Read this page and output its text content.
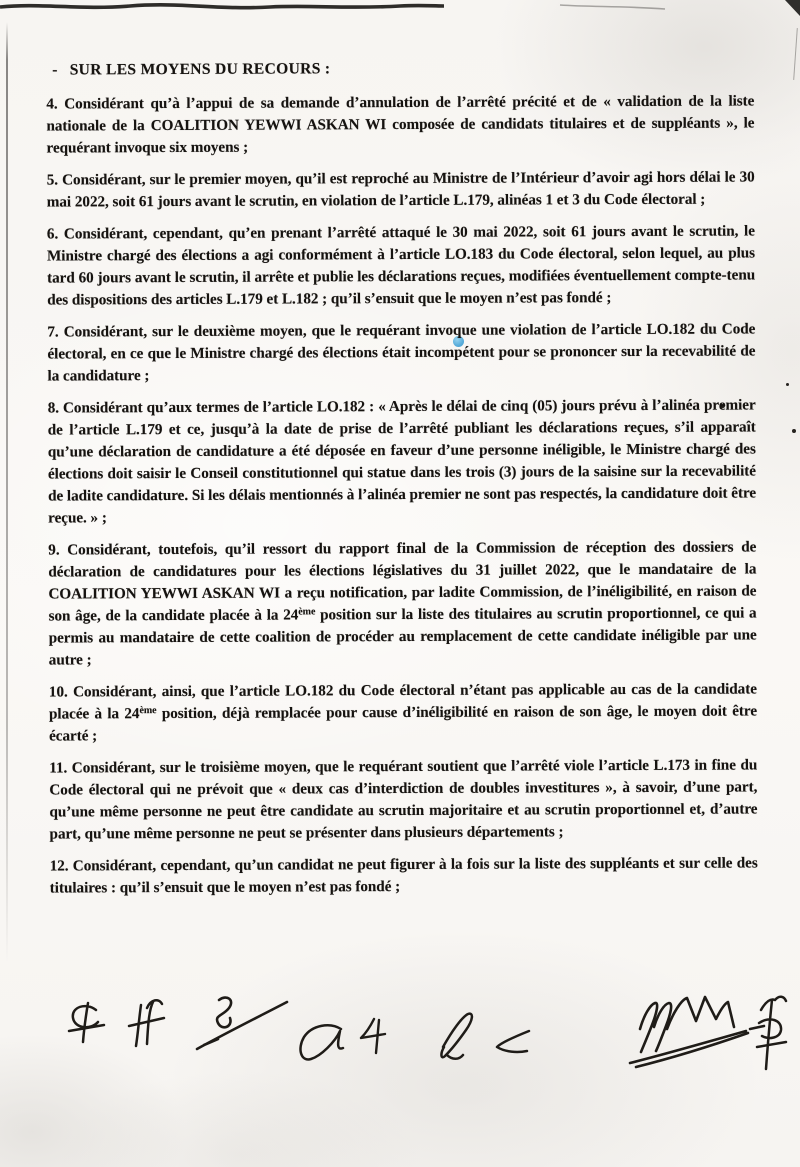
- SUR LES MOYENS DU RECOURS :

4. Considérant qu’à l’appui de sa demande d’annulation de l’arrêté précité et de « validation de la liste nationale de la COALITION YEWWI ASKAN WI composée de candidats titulaires et de suppléants », le requérant invoque six moyens ;

5. Considérant, sur le premier moyen, qu’il est reproché au Ministre de l’Intérieur d’avoir agi hors délai le 30 mai 2022, soit 61 jours avant le scrutin, en violation de l’article L.179, alinéas 1 et 3 du Code électoral ;

6. Considérant, cependant, qu’en prenant l’arrêté attaqué le 30 mai 2022, soit 61 jours avant le scrutin, le Ministre chargé des élections a agi conformément à l’article LO.183 du Code électoral, selon lequel, au plus tard 60 jours avant le scrutin, il arrête et publie les déclarations reçues, modifiées éventuellement compte-tenu des dispositions des articles L.179 et L.182 ; qu’il s’ensuit que le moyen n’est pas fondé ;

7. Considérant, sur le deuxième moyen, que le requérant invoque une violation de l’article LO.182 du Code électoral, en ce que le Ministre chargé des élections était incompétent pour se prononcer sur la recevabilité de la candidature ;

8. Considérant qu’aux termes de l’article LO.182 : « Après le délai de cinq (05) jours prévu à l’alinéa premier de l’article L.179 et ce, jusqu’à la date de prise de l’arrêté publiant les déclarations reçues, s’il apparaît qu’une déclaration de candidature a été déposée en faveur d’une personne inéligible, le Ministre chargé des élections doit saisir le Conseil constitutionnel qui statue dans les trois (3) jours de la saisine sur la recevabilité de ladite candidature. Si les délais mentionnés à l’alinéa premier ne sont pas respectés, la candidature doit être reçue. » ;

9. Considérant, toutefois, qu’il ressort du rapport final de la Commission de réception des dossiers de déclaration de candidatures pour les élections législatives du 31 juillet 2022, que le mandataire de la COALITION YEWWI ASKAN WI a reçu notification, par ladite Commission, de l’inéligibilité, en raison de son âge, de la candidate placée à la 24ème position sur la liste des titulaires au scrutin proportionnel, ce qui a permis au mandataire de cette coalition de procéder au remplacement de cette candidate inéligible par une autre ;

10. Considérant, ainsi, que l’article LO.182 du Code électoral n’étant pas applicable au cas de la candidate placée à la 24ème position, déjà remplacée pour cause d’inéligibilité en raison de son âge, le moyen doit être écarté ;

11. Considérant, sur le troisième moyen, que le requérant soutient que l’arrêté viole l’article L.173 in fine du Code électoral qui ne prévoit que « deux cas d’interdiction de doubles investitures », à savoir, d’une part, qu’une même personne ne peut être candidate au scrutin majoritaire et au scrutin proportionnel et, d’autre part, qu’une même personne ne peut se présenter dans plusieurs départements ;

12. Considérant, cependant, qu’un candidat ne peut figurer à la fois sur la liste des suppléants et sur celle des titulaires : qu’il s’ensuit que le moyen n’est pas fondé ;
